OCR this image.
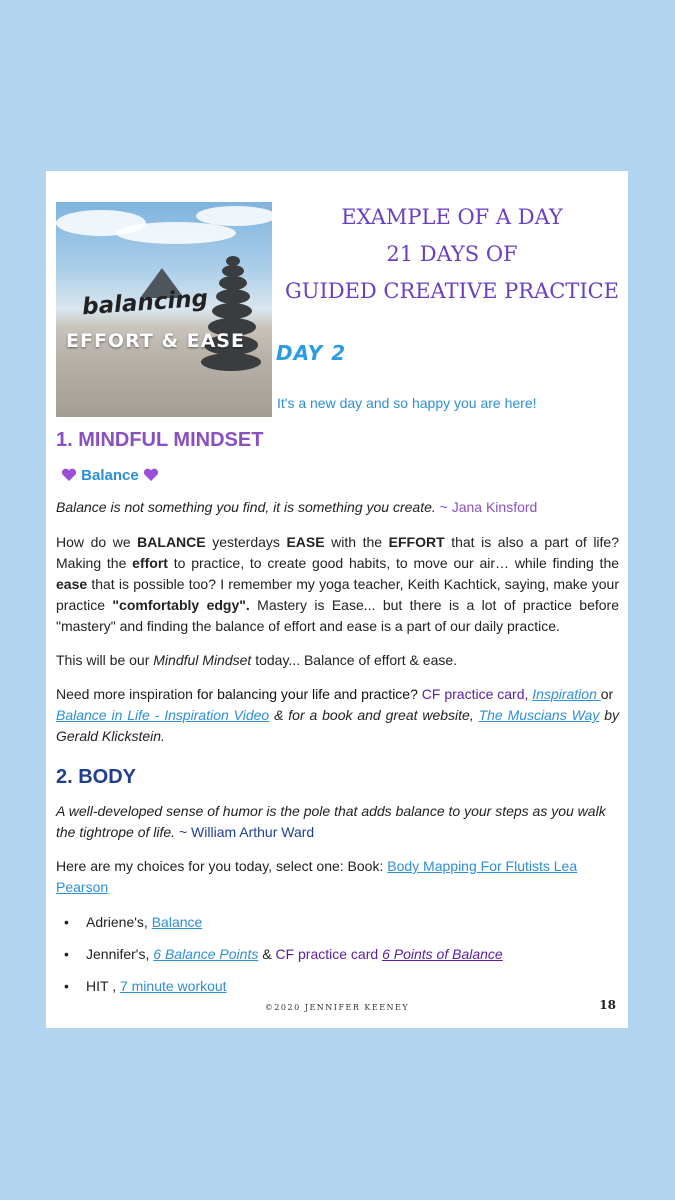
balancing
EFFORT & EASE
EXAMPLE OF A DAY
21 DAYS OF
GUIDED CREATIVE PRACTICE
DAY 2
It's a new day and so happy you are here!
1. MINDFUL MINDSET

Balance

Balance is not something you find, it is something you create. ~ Jana Kinsford

How do we BALANCE yesterdays EASE with the EFFORT that is also a part of life? Making the effort to practice, to create good habits, to move our air… while finding the ease that is possible too? I remember my yoga teacher, Keith Kachtick, saying, make your practice "comfortably edgy". Mastery is Ease... but there is a lot of practice before "mastery" and finding the balance of effort and ease is a part of our daily practice.

This will be our Mindful Mindset today... Balance of effort & ease.

Need more inspiration for balancing your life and practice? CF practice card, Inspiration or
Balance in Life - Inspiration Video & for a book and great website, The Muscians Way by Gerald Klickstein.

2. BODY

A well-developed sense of humor is the pole that adds balance to your steps as you walk the tightrope of life. ~ William Arthur Ward

Here are my choices for you today, select one: Book: Body Mapping For Flutists Lea Pearson

• Adriene's, Balance
• Jennifer's, 6 Balance Points & CF practice card 6 Points of Balance
• HIT , 7 minute workout
©2020 JENNIFER KEENEY	18
